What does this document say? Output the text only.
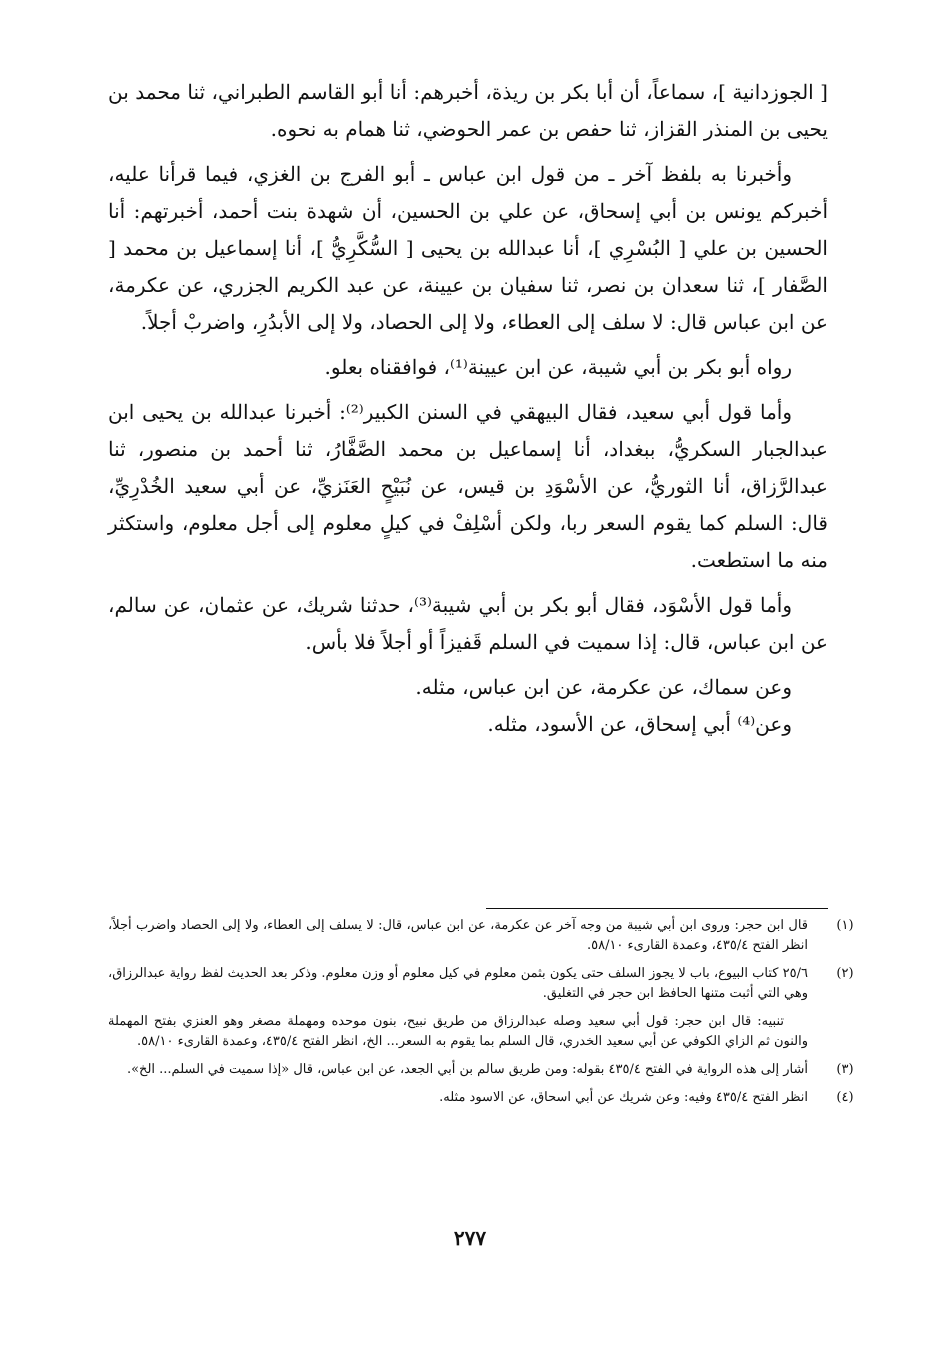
[ الجوزدانية ]، سماعاً، أن أبا بكر بن ريذة، أخبرهم: أنا أبو القاسم الطبراني، ثنا محمد بن يحيى بن المنذر القزاز، ثنا حفص بن عمر الحوضي، ثنا همام به نحوه.

وأخبرنا به بلفظ آخر ـ من قول ابن عباس ـ أبو الفرج بن الغزي، فيما قرأنا عليه، أخبركم يونس بن أبي إسحاق، عن علي بن الحسين، أن شهدة بنت أحمد، أخبرتهم: أنا الحسين بن علي [ البُسْرِي ]، أنا عبدالله بن يحيى [ السُّكَّرِيُّ ]، أنا إسماعيل بن محمد [ الصَّفار ]، ثنا سعدان بن نصر، ثنا سفيان بن عيينة، عن عبد الكريم الجزري، عن عكرمة، عن ابن عباس قال: لا سلف إلى العطاء، ولا إلى الحصاد، ولا إلى الأبدُرِ، واضربْ أجلاً.

رواه أبو بكر بن أبي شيبة، عن ابن عيينة⁽¹⁾، فوافقناه بعلو.

وأما قول أبي سعيد، فقال البيهقي في السنن الكبير⁽²⁾: أخبرنا عبدالله بن يحيى ابن عبدالجبار السكريُّ، ببغداد، أنا إسماعيل بن محمد الصَّفَّارُ، ثنا أحمد بن منصور، ثنا عبدالرَّزاق، أنا الثوريُّ، عن الأسْوَدِ بن قيس، عن نُبَيْحٍ العَنَزيِّ، عن أبي سعيد الخُدْرِيِّ، قال: السلم كما يقوم السعر ربا، ولكن أسْلِفْ في كيلٍ معلوم إلى أجل معلوم، واستكثر منه ما استطعت.

وأما قول الأسْوَد، فقال أبو بكر بن أبي شيبة⁽³⁾، حدثنا شريك، عن عثمان، عن سالم، عن ابن عباس، قال: إذا سميت في السلم قَفيزاً أو أجلاً فلا بأس.

وعن سماك، عن عكرمة، عن ابن عباس، مثله.

وعن⁽⁴⁾ أبي إسحاق، عن الأسود، مثله.

(١)
قال ابن حجر: وروى ابن أبي شيبة من وجه آخر عن عكرمة، عن ابن عباس، قال: لا يسلف إلى العطاء، ولا إلى الحصاد واضرب أجلاً، انظر الفتح ٤٣٥/٤، وعمدة القارىء ٥٨/١٠.
(٢)
٢٥/٦ كتاب البيوع، باب لا يجوز السلف حتى يكون بثمن معلوم في كيل معلوم أو وزن معلوم. وذكر بعد الحديث لفظ رواية عبدالرزاق، وهي التي أثبت متنها الحافظ ابن حجر في التغليق.
تنبيه: قال ابن حجر: قول أبي سعيد وصله عبدالرزاق من طريق نبيح، بنون موحده ومهملة مصغر وهو العنزي بفتح المهملة والنون ثم الزاي الكوفي عن أبي سعيد الخدري، قال السلم بما يقوم به السعر... الخ، انظر الفتح ٤٣٥/٤، وعمدة القارىء ٥٨/١٠.
(٣)
أشار إلى هذه الرواية في الفتح ٤٣٥/٤ بقوله: ومن طريق سالم بن أبي الجعد، عن ابن عباس، قال «إذا سميت في السلم... الخ».
(٤)
انظر الفتح ٤٣٥/٤ وفيه: وعن شريك عن أبي اسحاق، عن الاسود مثله.
٢٧٧
